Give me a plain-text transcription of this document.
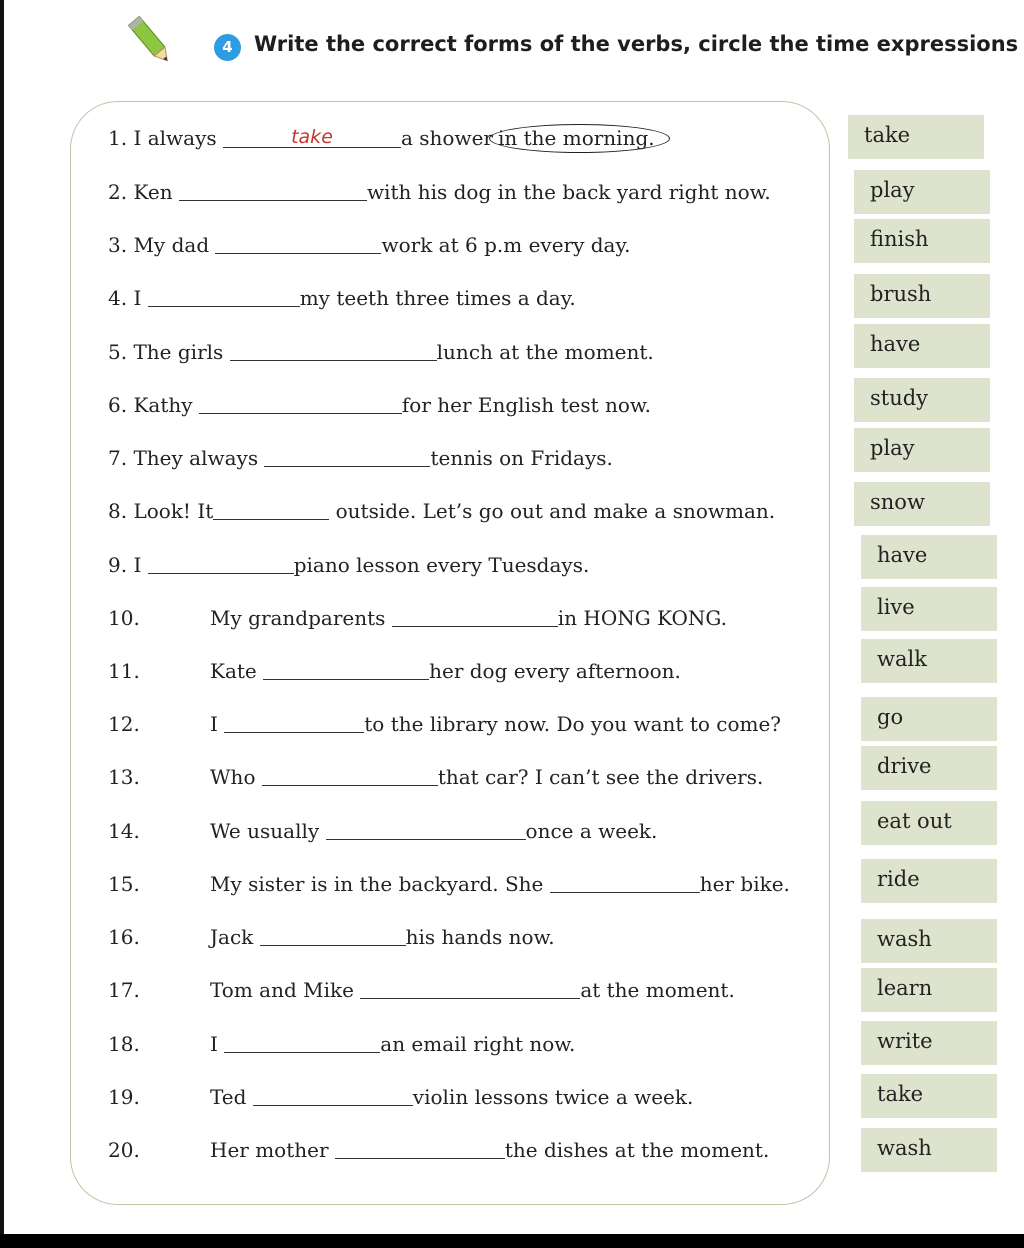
4	Write the correct forms of the verbs, circle the time expressions
1. I always	take	a shower in the morning.
2. Ken	with his dog in the back yard right now.
3. My dad	work at 6 p.m every day.
4. I	my teeth three times a day.
5. The girls	lunch at the moment.
6. Kathy	for her English test now.
7. They always	tennis on Fridays.
8. Look! It	outside. Let’s go out and make a snowman.
9. I	piano lesson every Tuesdays.
10.	My grandparents	in HONG KONG.
11.	Kate	her dog every afternoon.
12.	I	to the library now. Do you want to come?
13.	Who	that car? I can’t see the drivers.
14.	We usually	once a week.
15.	My sister is in the backyard. She	her bike.
16.	Jack	his hands now.
17.	Tom and Mike	at the moment.
18.	I	an email right now.
19.	Ted	violin lessons twice a week.
20.	Her mother	the dishes at the moment.
take
play
finish
brush
have
study
play
snow
have
live
walk
go
drive
eat out
ride
wash
learn
write
take
wash
